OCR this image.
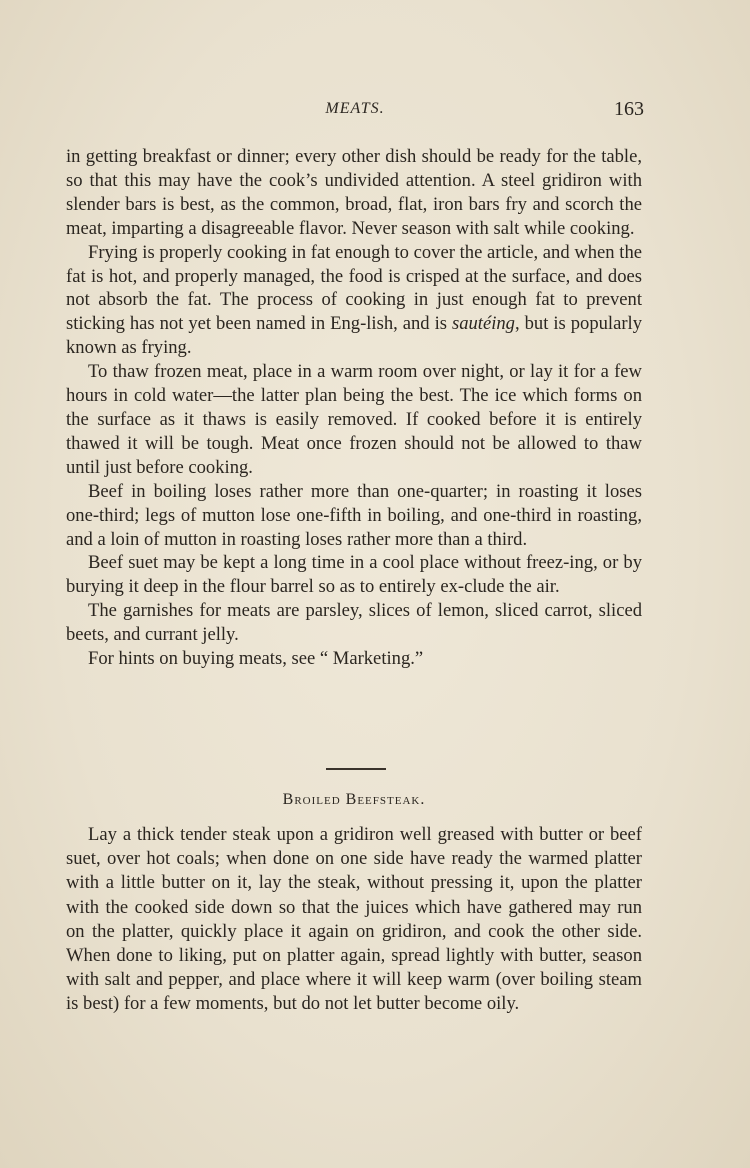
MEATS.	163

in getting breakfast or dinner; every other dish should be ready for the table, so that this may have the cook’s undivided attention. A steel gridiron with slender bars is best, as the common, broad, flat, iron bars fry and scorch the meat, imparting a disagreeable flavor. Never season with salt while cooking.

Frying is properly cooking in fat enough to cover the article, and when the fat is hot, and properly managed, the food is crisped at the surface, and does not absorb the fat. The process of cooking in just enough fat to prevent sticking has not yet been named in Eng-lish, and is sautéing, but is popularly known as frying.

To thaw frozen meat, place in a warm room over night, or lay it for a few hours in cold water—the latter plan being the best. The ice which forms on the surface as it thaws is easily removed. If cooked before it is entirely thawed it will be tough. Meat once frozen should not be allowed to thaw until just before cooking.

Beef in boiling loses rather more than one-quarter; in roasting it loses one-third; legs of mutton lose one-fifth in boiling, and one-third in roasting, and a loin of mutton in roasting loses rather more than a third.

Beef suet may be kept a long time in a cool place without freez-ing, or by burying it deep in the flour barrel so as to entirely ex-clude the air.

The garnishes for meats are parsley, slices of lemon, sliced carrot, sliced beets, and currant jelly.

For hints on buying meats, see “ Marketing.”

Broiled Beefsteak.

Lay a thick tender steak upon a gridiron well greased with butter or beef suet, over hot coals; when done on one side have ready the warmed platter with a little butter on it, lay the steak, without pressing it, upon the platter with the cooked side down so that the juices which have gathered may run on the platter, quickly place it again on gridiron, and cook the other side. When done to liking, put on platter again, spread lightly with butter, season with salt and pepper, and place where it will keep warm (over boiling steam is best) for a few moments, but do not let butter become oily.
